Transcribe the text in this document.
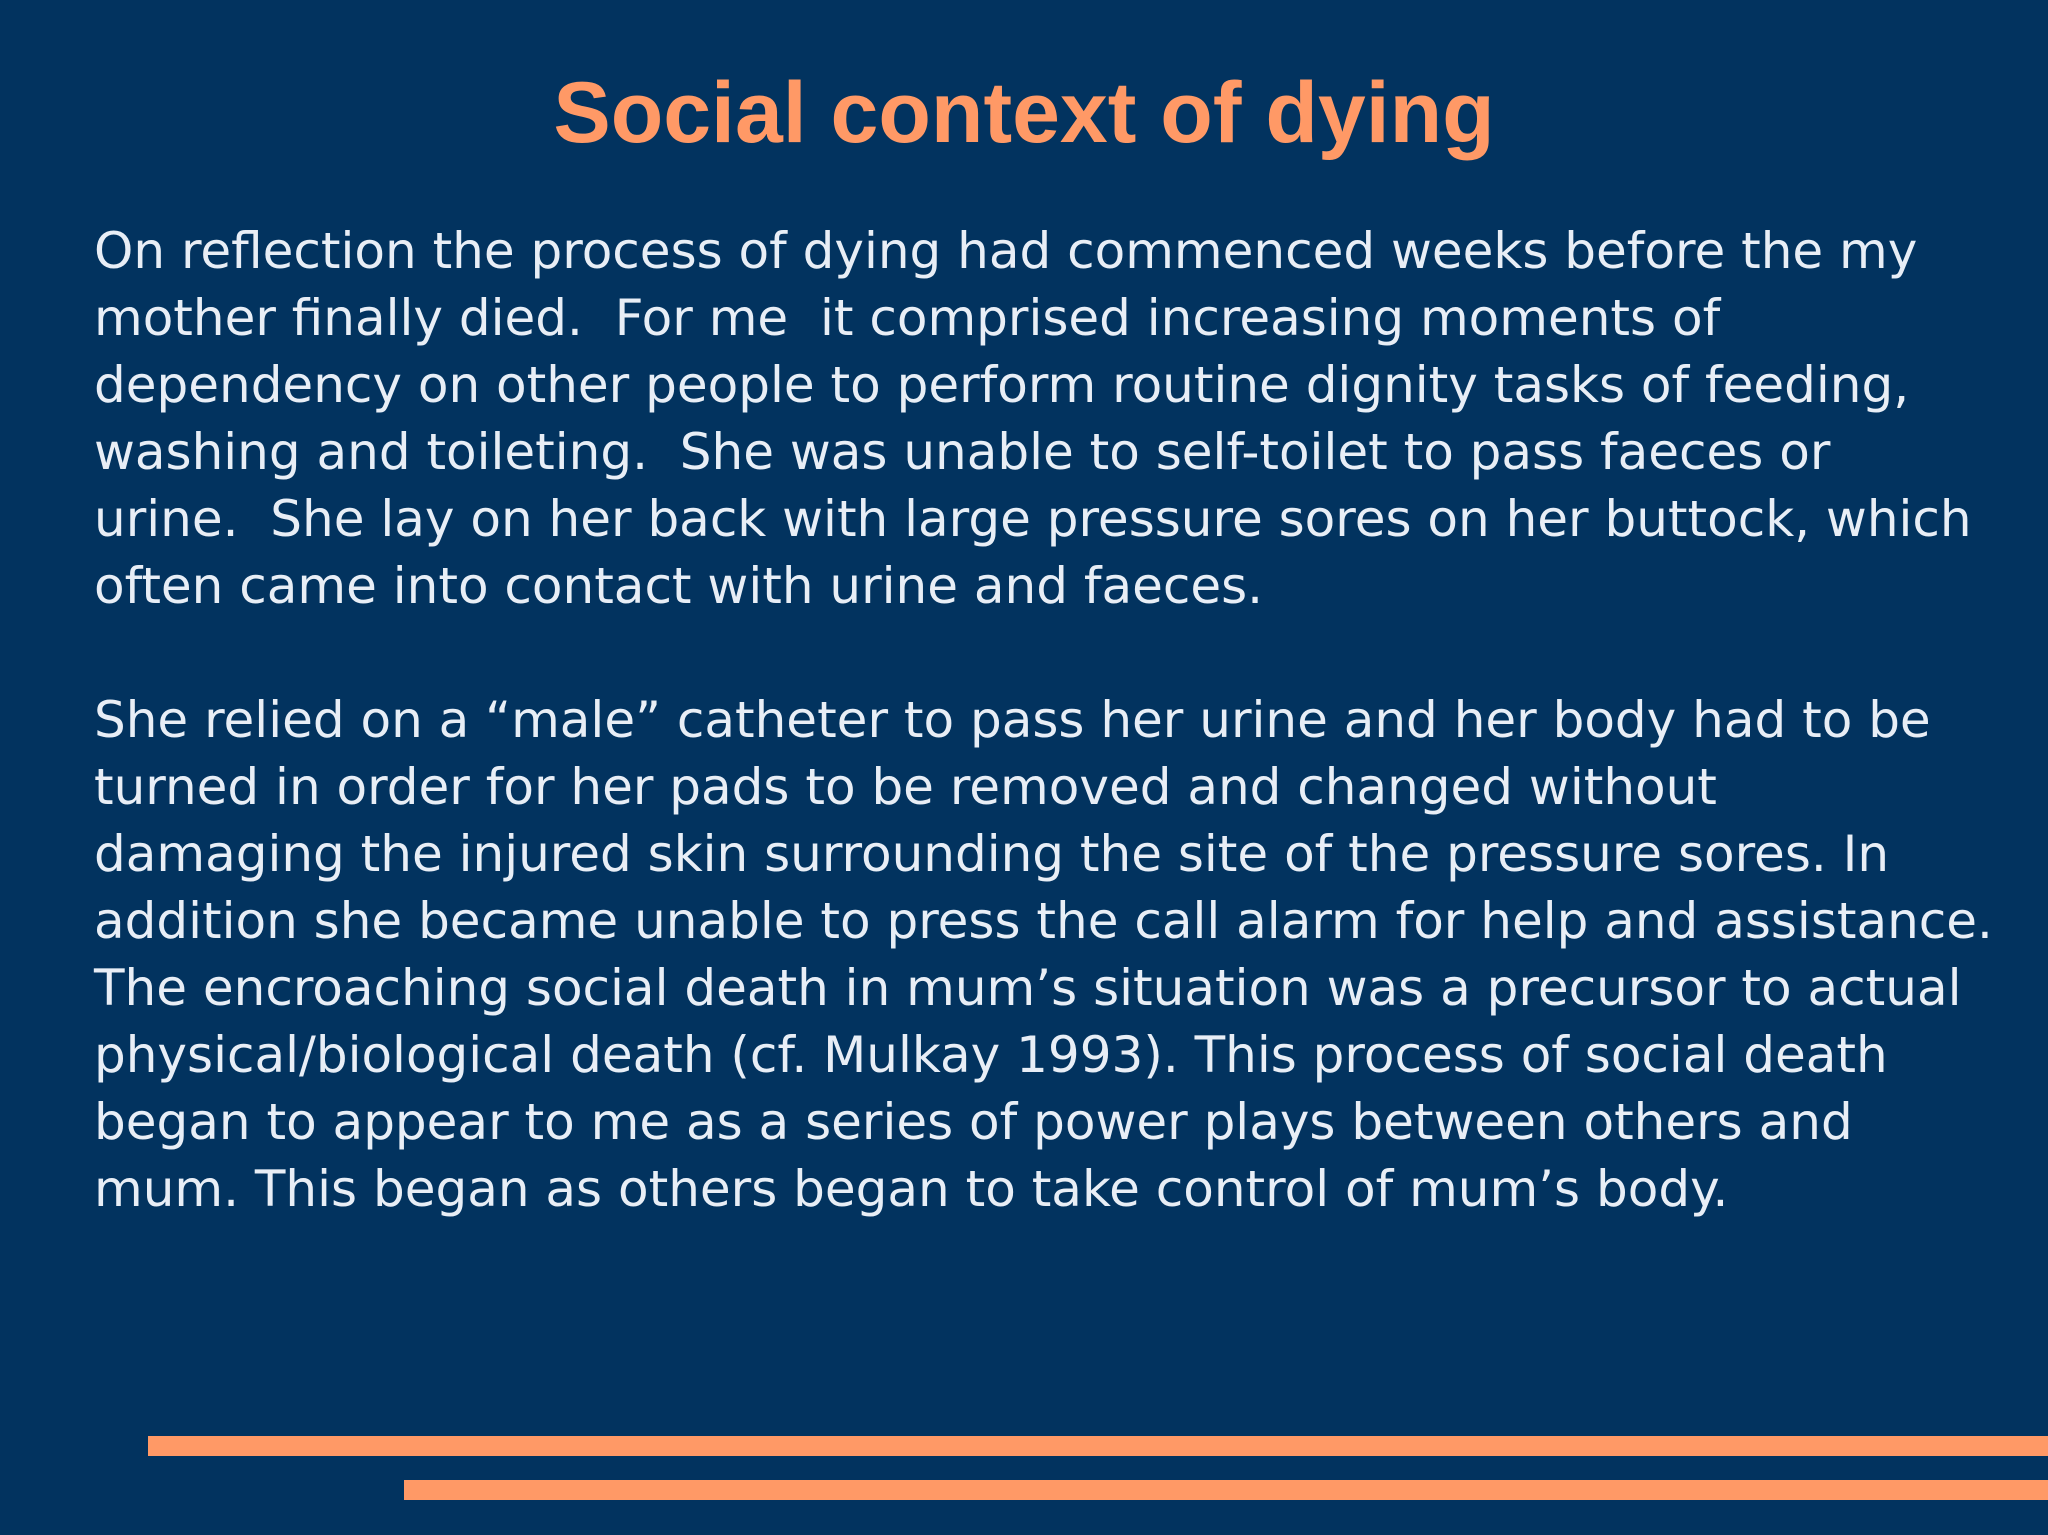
Social context of dying

On reflection the process of dying had commenced weeks before the my

mother finally died.  For me  it comprised increasing moments of

dependency on other people to perform routine dignity tasks of feeding,

washing and toileting.  She was unable to self-toilet to pass faeces or

urine.  She lay on her back with large pressure sores on her buttock, which

often came into contact with urine and faeces.

She relied on a “male” catheter to pass her urine and her body had to be

turned in order for her pads to be removed and changed without

damaging the injured skin surrounding the site of the pressure sores. In

addition she became unable to press the call alarm for help and assistance.

The encroaching social death in mum’s situation was a precursor to actual

physical/biological death (cf. Mulkay 1993). This process of social death

began to appear to me as a series of power plays between others and

mum. This began as others began to take control of mum’s body.
